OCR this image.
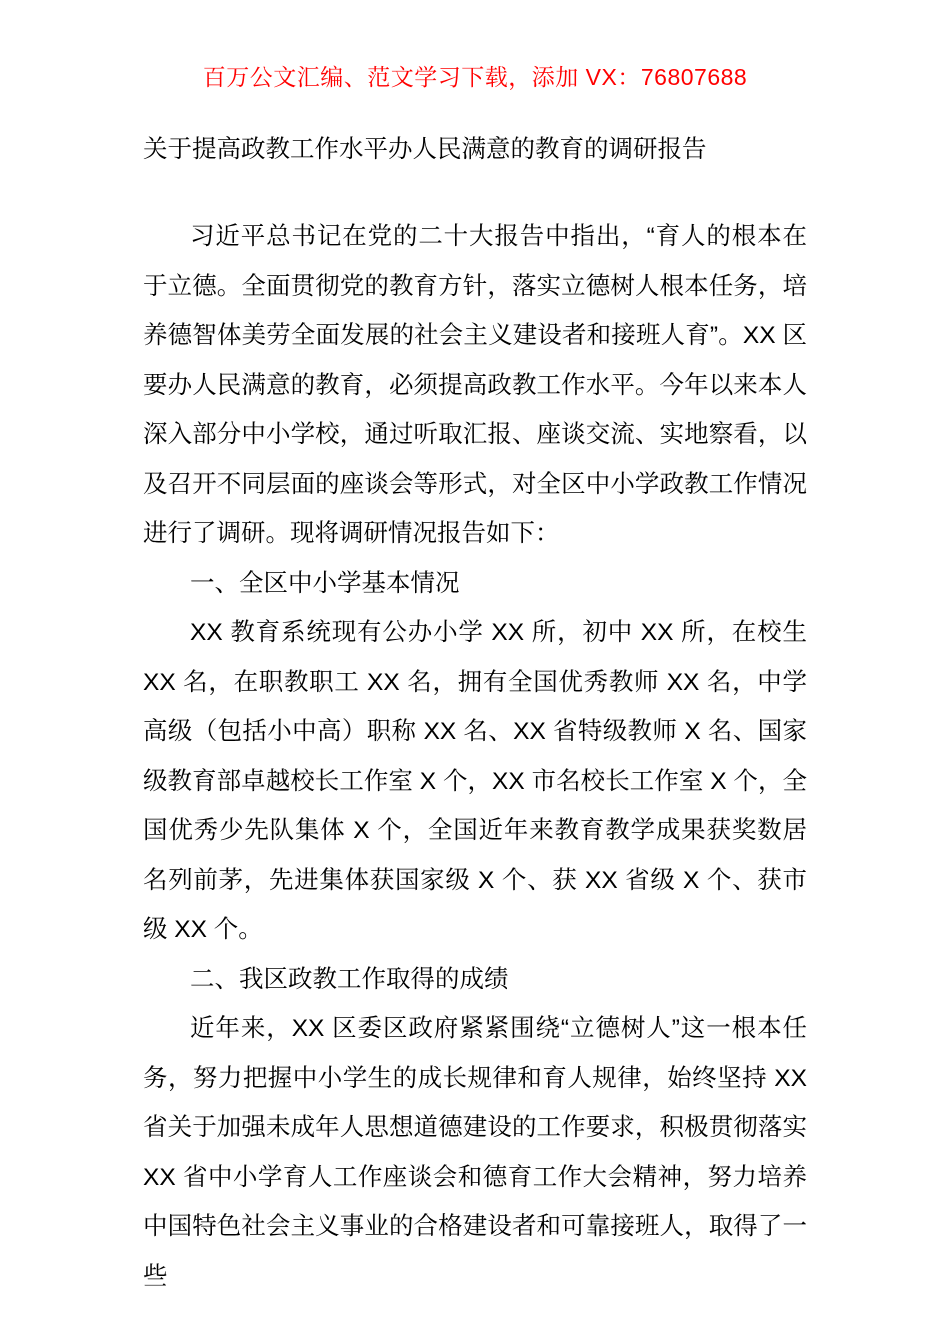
百万公文汇编、范文学习下载，添加 VX：76807688
关于提高政教工作水平办人民满意的教育的调研报告

习近平总书记在党的二十大报告中指出，“育人的根本在于立德。全面贯彻党的教育方针，落实立德树人根本任务，培养德智体美劳全面发展的社会主义建设者和接班人育”。XX 区要办人民满意的教育，必须提高政教工作水平。今年以来本人深入部分中小学校，通过听取汇报、座谈交流、实地察看，以及召开不同层面的座谈会等形式，对全区中小学政教工作情况进行了调研。现将调研情况报告如下：

一、全区中小学基本情况

XX 教育系统现有公办小学 XX 所，初中 XX 所，在校生 XX 名，在职教职工 XX 名，拥有全国优秀教师 XX 名，中学高级（包括小中高）职称 XX 名、XX 省特级教师 X 名、国家级教育部卓越校长工作室 X 个，XX 市名校长工作室 X 个，全国优秀少先队集体 X 个，全国近年来教育教学成果获奖数居名列前茅，先进集体获国家级 X 个、获 XX 省级 X 个、获市级 XX 个。

二、我区政教工作取得的成绩

近年来，XX 区委区政府紧紧围绕“立德树人”这一根本任务，努力把握中小学生的成长规律和育人规律，始终坚持 XX 省关于加强未成年人思想道德建设的工作要求，积极贯彻落实 XX 省中小学育人工作座谈会和德育工作大会精神，努力培养中国特色社会主义事业的合格建设者和可靠接班人，取得了一些
